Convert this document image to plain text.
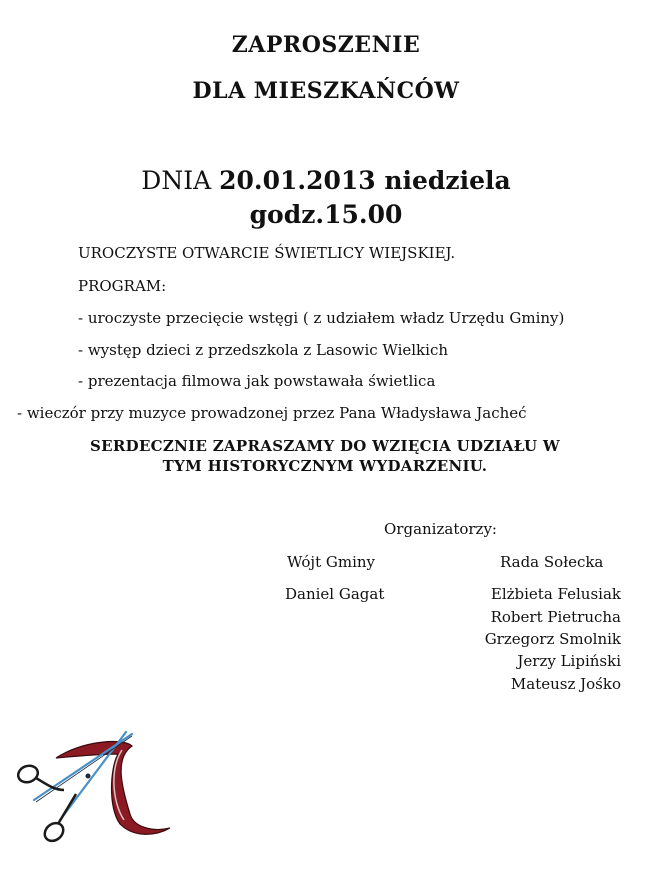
ZAPROSZENIE
DLA MIESZKAŃCÓW
DNIA 20.01.2013 niedziela
godz.15.00
UROCZYSTE OTWARCIE ŚWIETLICY WIEJSKIEJ.
PROGRAM:
- uroczyste przecięcie wstęgi ( z udziałem władz Urzędu Gminy)
- występ dzieci z przedszkola z Lasowic Wielkich
- prezentacja filmowa jak powstawała świetlica
- wieczór przy muzyce prowadzonej przez Pana Władysława Jacheć
SERDECZNIE ZAPRASZAMY DO WZIĘCIA UDZIAŁU W
TYM HISTORYCZNYM WYDARZENIU.
Organizatorzy:
Wójt Gminy
Daniel Gagat
Rada Sołecka
Elżbieta Felusiak
Robert Pietrucha
Grzegorz Smolnik
Jerzy Lipiński
Mateusz Jośko
